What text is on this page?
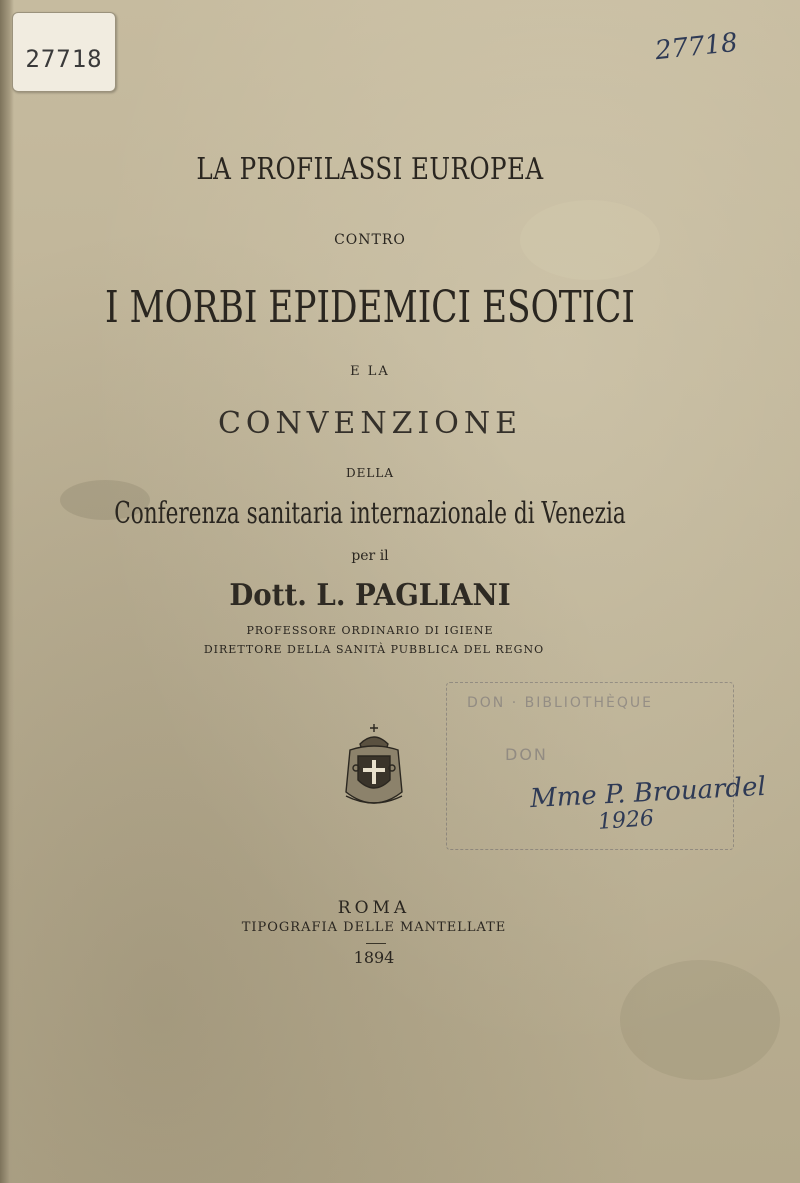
27718	27718
LA PROFILASSI EUROPEA
CONTRO
I MORBI EPIDEMICI ESOTICI
E LA
CONVENZIONE
DELLA
Conferenza sanitaria internazionale di Venezia
per il
Dott. L. PAGLIANI
PROFESSORE ORDINARIO DI IGIENE
DIRETTORE DELLA SANITÀ PUBBLICA DEL REGNO
DON · BIBLIOTHÈQUE
DON
Mme P. Brouardel
1926
ROMA
TIPOGRAFIA DELLE MANTELLATE
1894
